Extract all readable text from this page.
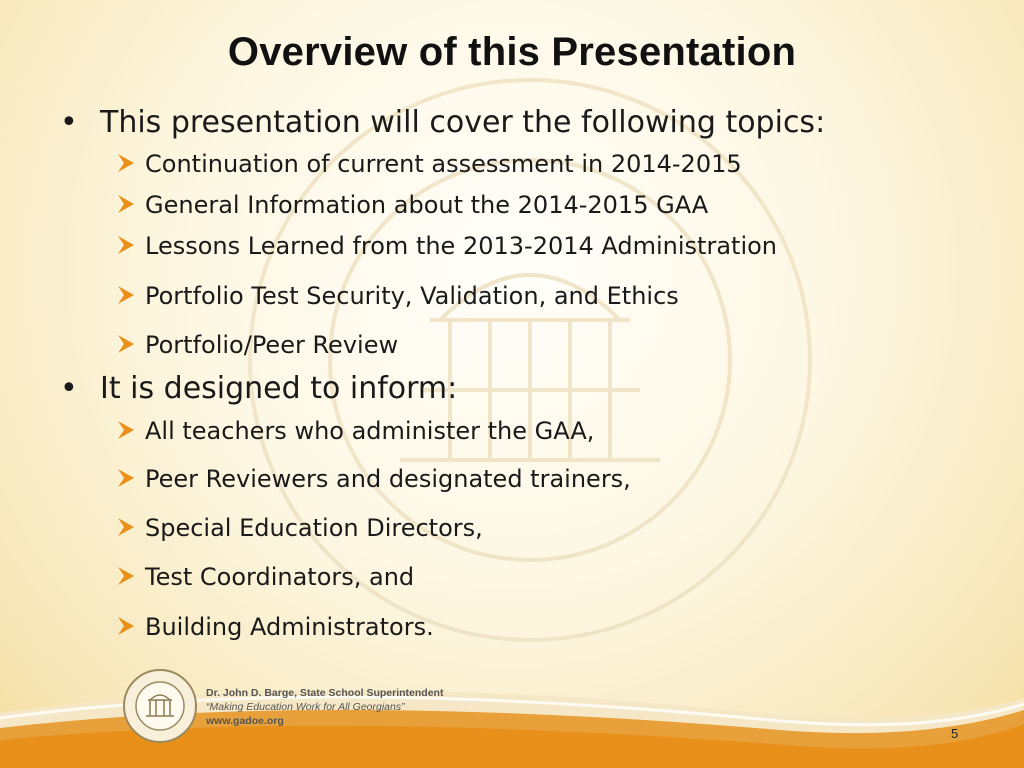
Overview of this Presentation
• This presentation will cover the following topics:
Continuation of current assessment in 2014-2015
General Information about the 2014-2015 GAA
Lessons Learned from the 2013-2014 Administration
Portfolio Test Security, Validation, and Ethics
Portfolio/Peer Review
• It is designed to inform:
All teachers who administer the GAA,
Peer Reviewers and designated trainers,
Special Education Directors,
Test Coordinators, and
Building Administrators.
Dr. John D. Barge, State School Superintendent
“Making Education Work for All Georgians”
www.gadoe.org
5
